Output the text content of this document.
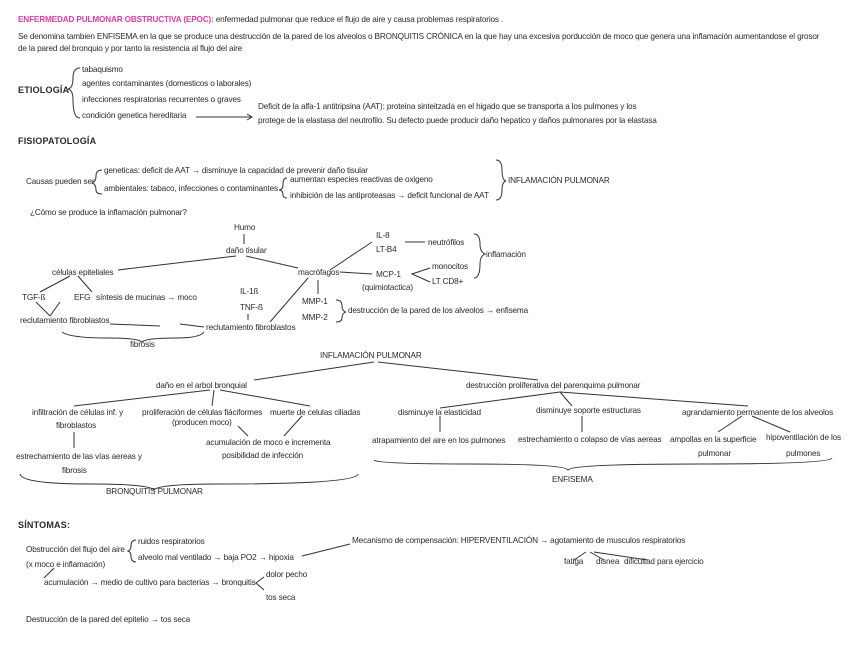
ENFERMEDAD PULMONAR OBSTRUCTIVA (EPOC): enfermedad pulmonar que reduce el flujo de aire y causa problemas respiratorios .
Se denomina tambien ENFISEMA en la que se produce una destrucción de la pared de los alveolos o BRONQUITIS CRÓNICA en la que hay una excesiva porducción de moco que genera una inflamación aumentandose el grosor
de la pared del bronquio y por tanto la resistencia al flujo del aire
ETIOLOGÍA
tabaquismo
agentes contaminantes (domesticos o laborales)
infecciones respiratorias recurrentes o graves
condición genetica hereditaria
Deficit de la alfa-1 antitripsina (AAT): proteina sinteitzada en el higado que se transporta a los pulmones y los
protege de la elastasa del neutrofilo. Su defecto puede producir daño hepatico y daños pulmonares por la elastasa
FISIOPATOLOGÍA
Causas pueden ser
geneticas: deficit de AAT → disminuye la capacidad de prevenir daño tisular
ambientales: tabaco, infecciones o contaminantes
aumentan especies reactivas de oxigeno
inhibición de las antiproteasas → deficit funcional de AAT
INFLAMACIÓN PULMONAR
¿Cómo se produce la inflamación pulmonar?
Humo
daño tisular
células epiteliales
TGF-ß	EFG síntesis de mucinas → moco
reclutamiento fibroblastos
fibrosis
IL-1ß
TNF-ß
reclutamiento fibroblastos
macrófagos
IL-8
LT-B4
neutrófilos
inflamación
MCP-1
(quimiotactica)
monocitos
LT CD8+
MMP-1
MMP-2
destrucción de la pared de los alveolos → enfisema
INFLAMACIÓN PULMONAR
daño en el arbol bronquial	destrucción proliferativa del parenquima pulmonar
infiltración de células inf. y
fibroblastos
proliferación de células fiáciformes
(producen moco)
muerte de celulas ciliadas
estrechamiento de las vías aereas y
fibrosis
acumulación de moco e incrementa
posibilidad de infección
BRONQUITIS PULMONAR
disminuye la elasticidad	disminuye soporte estructuras	agrandamiento permanente de los alveolos
atrapamiento del aire en los pulmones estrechamiento o colapso de vías aereas ampollas en la superficie
pulmonar
hipoventilación de los
pulmones
ENFISEMA
SÍNTOMAS:
Obstrucción del flujo del aire
(x moco e inflamación)
ruidos respiratorios
alveolo mal ventilado → baja PO2 → hipoxia
Mecanismo de compensación: HIPERVENTILACIÓN → agotamiento de musculos respiratorios
fatiga disnea dificultad para ejercicio
acumulación → medio de cultivo para bacterias → bronquitis
dolor pecho
tos seca
Destrucción de la pared del epitelio → tos seca
